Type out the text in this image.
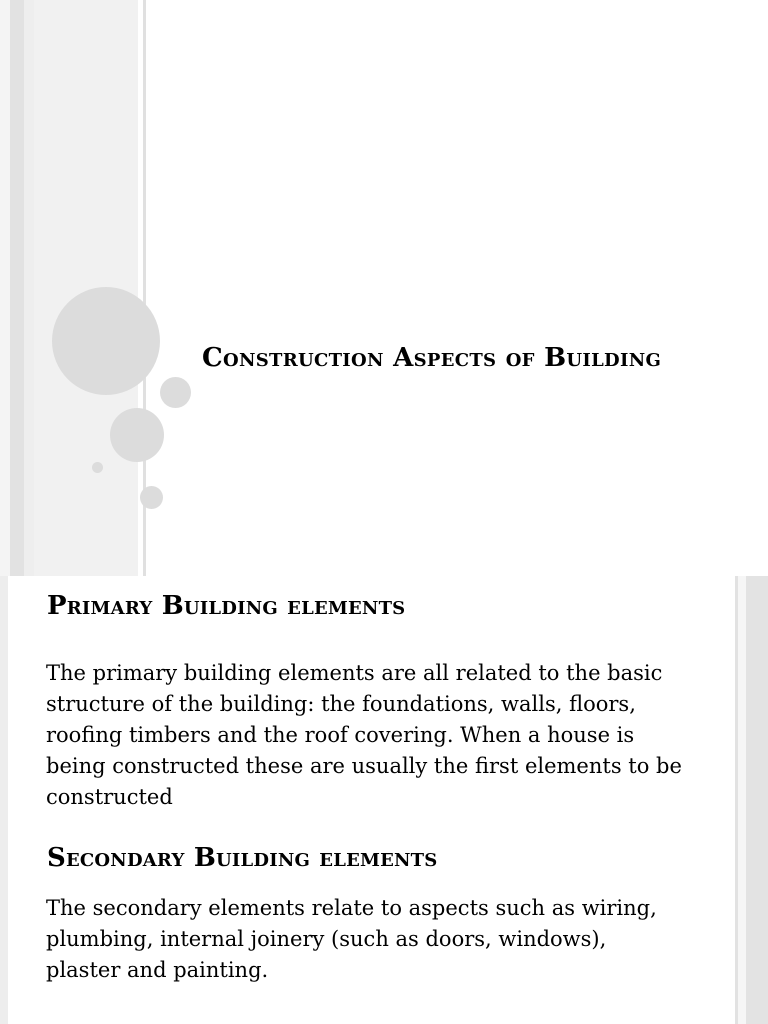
Construction Aspects of Building
Primary Building elements
The primary building elements are all related to the basic structure of the building: the foundations, walls, floors, roofing timbers and the roof covering. When a house is being constructed these are usually the first elements to be constructed
Secondary Building elements
The secondary elements relate to aspects such as wiring, plumbing, internal joinery (such as doors, windows), plaster and painting.
